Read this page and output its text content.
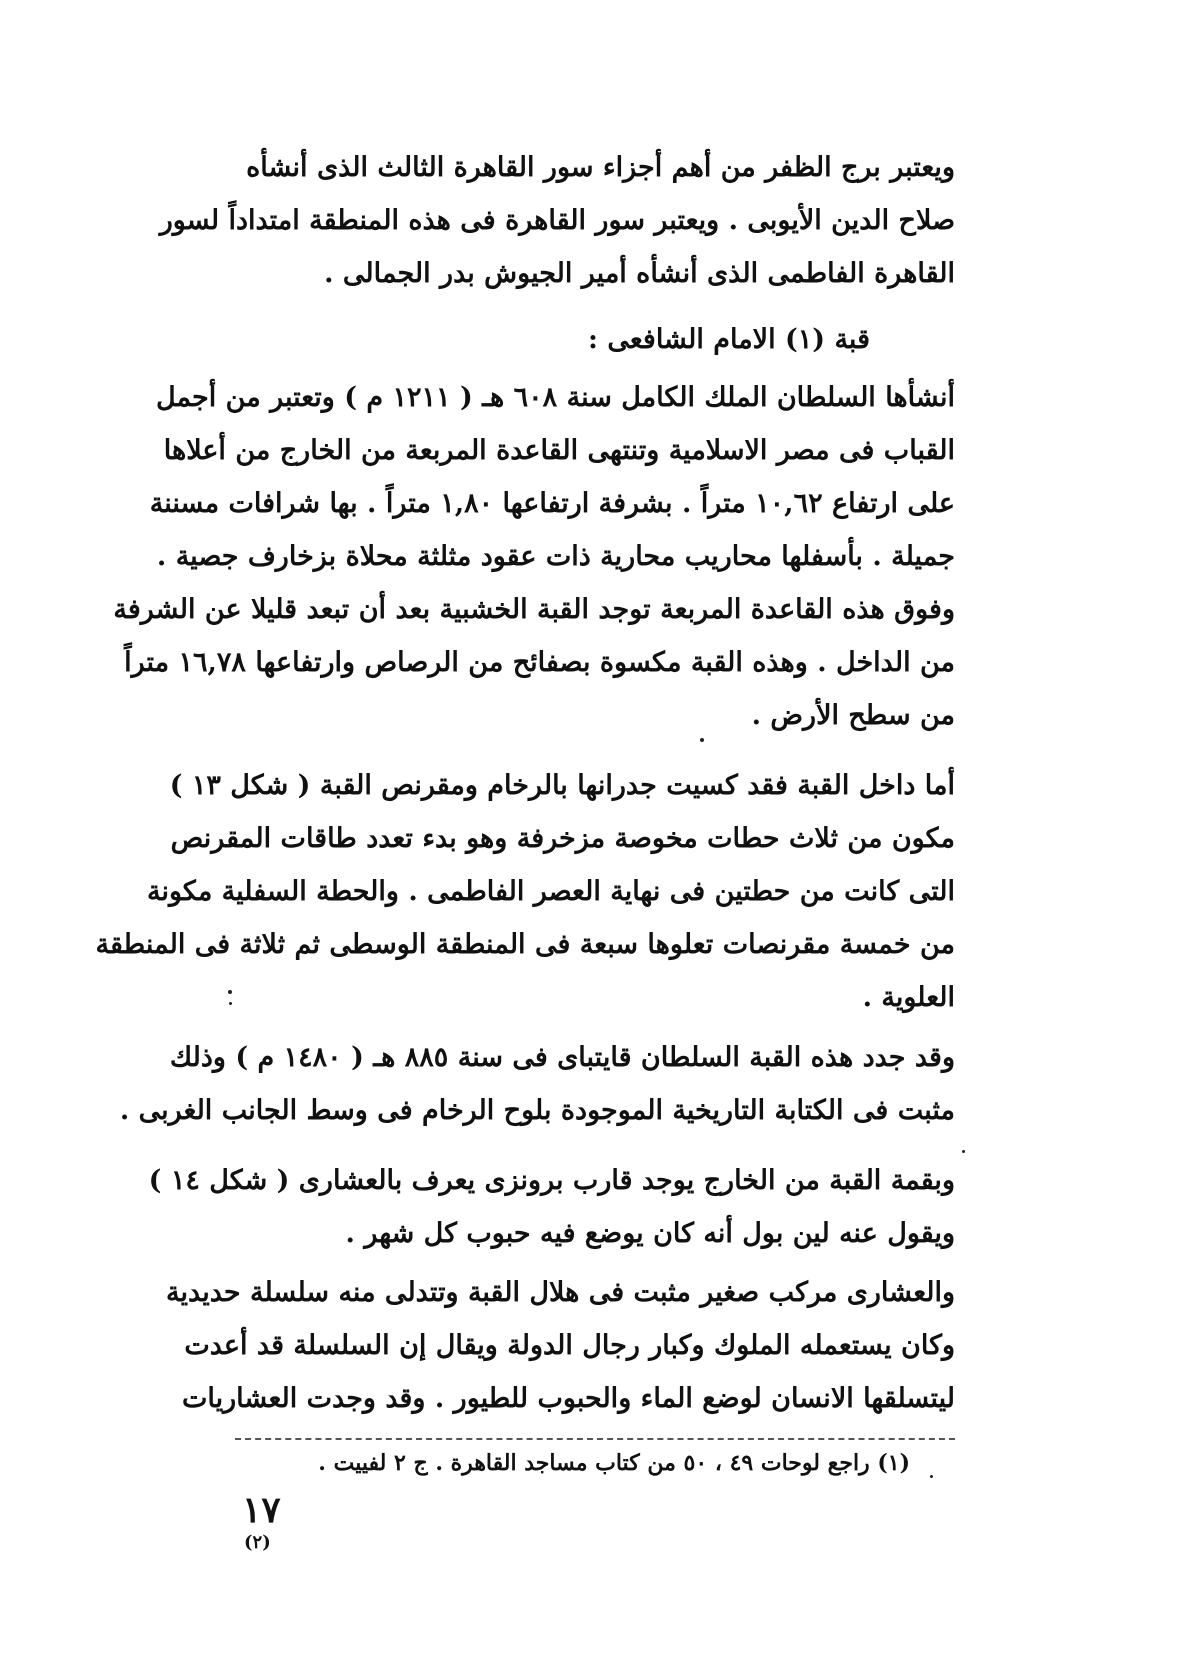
ويعتبر برج الظفر من أهم أجزاء سور القاهرة الثالث الذى أنشأه
صلاح الدين الأيوبى . ويعتبر سور القاهرة فى هذه المنطقة امتداداً لسور
القاهرة الفاطمى الذى أنشأه أمير الجيوش بدر الجمالى .
قبة (١) الامام الشافعى :
أنشأها السلطان الملك الكامل سنة ٦٠٨ هـ ( ١٢١١ م ) وتعتبر من أجمل
القباب فى مصر الاسلامية وتنتهى القاعدة المربعة من الخارج من أعلاها
على ارتفاع ١٠,٦٢ متراً . بشرفة ارتفاعها ١,٨٠ متراً . بها شرافات مسننة
جميلة . بأسفلها محاريب محارية ذات عقود مثلثة محلاة بزخارف جصية .
وفوق هذه القاعدة المربعة توجد القبة الخشبية بعد أن تبعد قليلا عن الشرفة
من الداخل . وهذه القبة مكسوة بصفائح من الرصاص وارتفاعها ١٦,٧٨ متراً
من سطح الأرض .
أما داخل القبة فقد كسيت جدرانها بالرخام ومقرنص القبة ( شكل ١٣ )
مكون من ثلاث حطات مخوصة مزخرفة وهو بدء تعدد طاقات المقرنص
التى كانت من حطتين فى نهاية العصر الفاطمى . والحطة السفلية مكونة
من خمسة مقرنصات تعلوها سبعة فى المنطقة الوسطى ثم ثلاثة فى المنطقة
العلوية .
وقد جدد هذه القبة السلطان قايتباى فى سنة ٨٨٥ هـ ( ١٤٨٠ م ) وذلك
مثبت فى الكتابة التاريخية الموجودة بلوح الرخام فى وسط الجانب الغربى .
وبقمة القبة من الخارج يوجد قارب برونزى يعرف بالعشارى ( شكل ١٤ )
ويقول عنه لين بول أنه كان يوضع فيه حبوب كل شهر .
والعشارى مركب صغير مثبت فى هلال القبة وتتدلى منه سلسلة حديدية
وكان يستعمله الملوك وكبار رجال الدولة ويقال إن السلسلة قد أعدت
ليتسلقها الانسان لوضع الماء والحبوب للطيور . وقد وجدت العشاريات
(١) راجع لوحات ٤٩ ، ٥٠ من كتاب مساجد القاهرة . ج ٢ لفييت .
١٧
(٢)
